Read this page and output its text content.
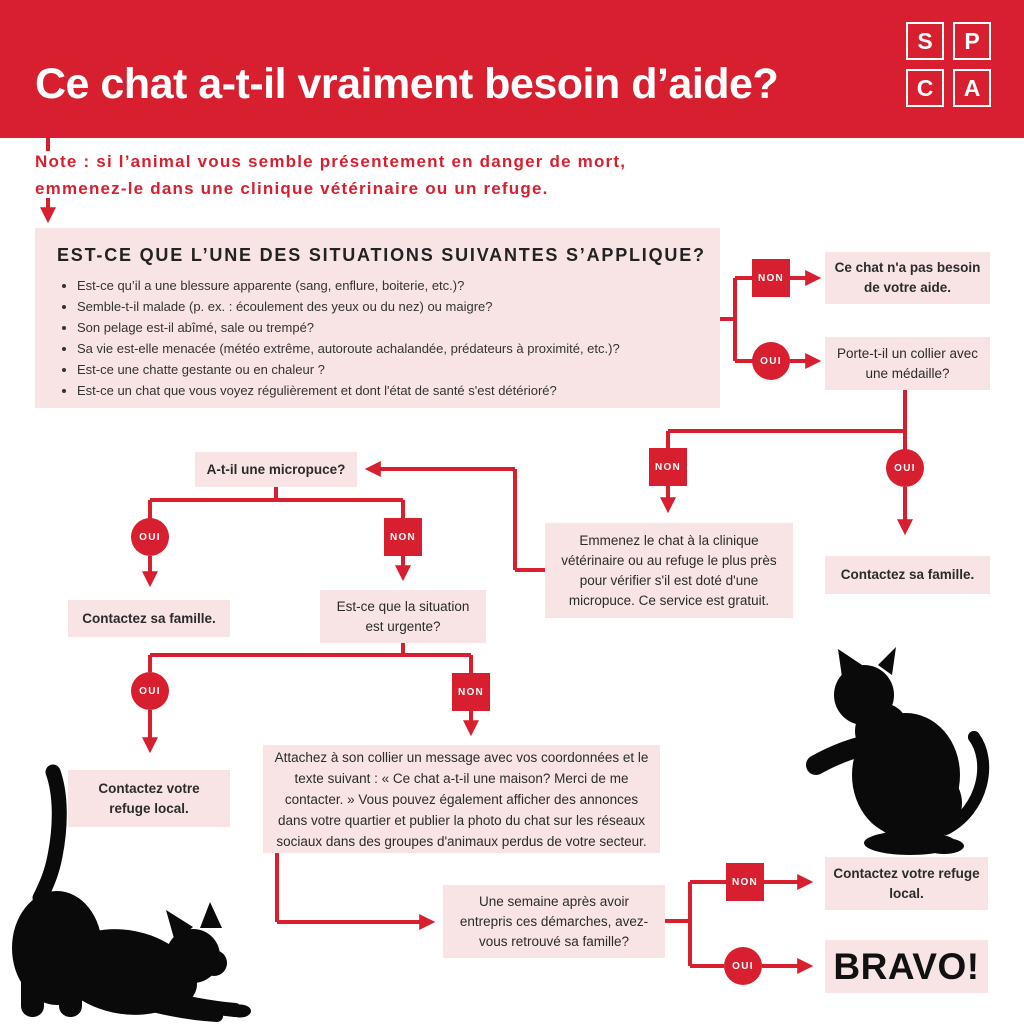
Ce chat a-t-il vraiment besoin d’aide?
S	P
C	A
Note : si l’animal vous semble présentement en danger de mort,
emmenez-le dans une clinique vétérinaire ou un refuge.
EST-CE QUE L’UNE DES SITUATIONS SUIVANTES S’APPLIQUE?
• Est-ce qu’il a une blessure apparente (sang, enflure, boiterie, etc.)?
• Semble-t-il malade (p. ex. : écoulement des yeux ou du nez) ou maigre?
• Son pelage est-il abîmé, sale ou trempé?
• Sa vie est-elle menacée (météo extrême, autoroute achalandée, prédateurs à proximité, etc.)?
• Est-ce une chatte gestante ou en chaleur ?
• Est-ce un chat que vous voyez régulièrement et dont l'état de santé s'est détérioré?
Ce chat n'a pas besoin de votre aide.
Porte-t-il un collier avec une médaille?
A-t-il une micropuce?
Emmenez le chat à la clinique vétérinaire ou au refuge le plus près pour vérifier s'il est doté d'une micropuce. Ce service est gratuit.
Contactez sa famille.
Contactez sa famille.
Est-ce que la situation est urgente?
Contactez votre refuge local.
Attachez à son collier un message avec vos coordonnées et le texte suivant : « Ce chat a-t-il une maison? Merci de me contacter. » Vous pouvez également afficher des annonces dans votre quartier et publier la photo du chat sur les réseaux sociaux dans des groupes d'animaux perdus de votre secteur.
Une semaine après avoir entrepris ces démarches, avez-vous retrouvé sa famille?
Contactez votre refuge local.
BRAVO!
NON
OUI
NON	OUI
OUI	NON
OUI	NON
NON
OUI
